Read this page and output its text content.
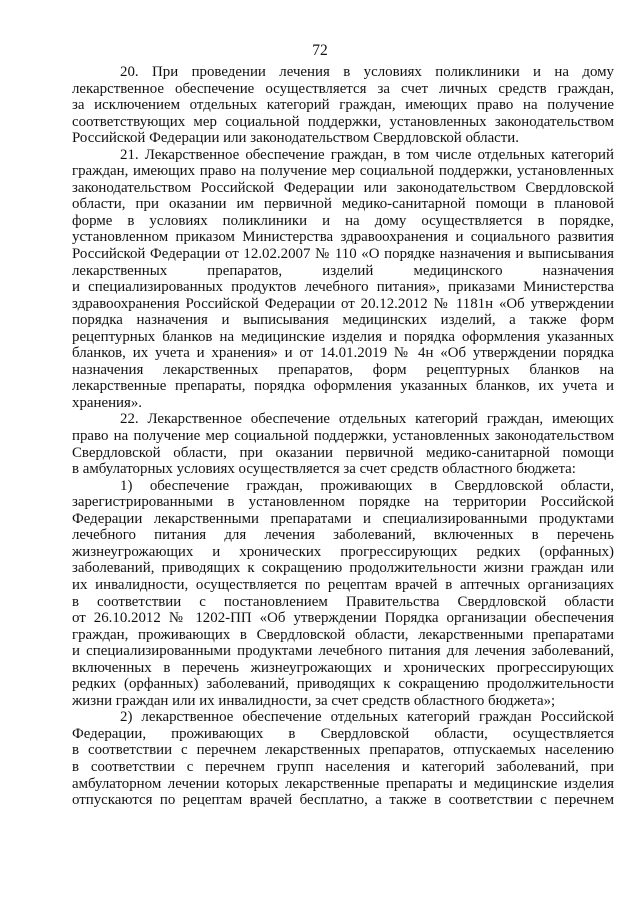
72
20. При проведении лечения в условиях поликлиники и на дому
лекарственное обеспечение осуществляется за счет личных средств граждан,
за исключением отдельных категорий граждан, имеющих право на получение
соответствующих мер социальной поддержки, установленных законодательством
Российской Федерации или законодательством Свердловской области.
21. Лекарственное обеспечение граждан, в том числе отдельных категорий
граждан, имеющих право на получение мер социальной поддержки, установленных
законодательством Российской Федерации или законодательством Свердловской
области, при оказании им первичной медико-санитарной помощи в плановой
форме в условиях поликлиники и на дому осуществляется в порядке,
установленном приказом Министерства здравоохранения и социального развития
Российской Федерации от 12.02.2007 № 110 «О порядке назначения и выписывания
лекарственных препаратов, изделий медицинского назначения
и специализированных продуктов лечебного питания», приказами Министерства
здравоохранения Российской Федерации от 20.12.2012 № 1181н «Об утверждении
порядка назначения и выписывания медицинских изделий, а также форм
рецептурных бланков на медицинские изделия и порядка оформления указанных
бланков, их учета и хранения» и от 14.01.2019 № 4н «Об утверждении порядка
назначения лекарственных препаратов, форм рецептурных бланков на
лекарственные препараты, порядка оформления указанных бланков, их учета и
хранения».
22. Лекарственное обеспечение отдельных категорий граждан, имеющих
право на получение мер социальной поддержки, установленных законодательством
Свердловской области, при оказании первичной медико-санитарной помощи
в амбулаторных условиях осуществляется за счет средств областного бюджета:
1) обеспечение граждан, проживающих в Свердловской области,
зарегистрированными в установленном порядке на территории Российской
Федерации лекарственными препаратами и специализированными продуктами
лечебного питания для лечения заболеваний, включенных в перечень
жизнеугрожающих и хронических прогрессирующих редких (орфанных)
заболеваний, приводящих к сокращению продолжительности жизни граждан или
их инвалидности, осуществляется по рецептам врачей в аптечных организациях
в соответствии с постановлением Правительства Свердловской области
от 26.10.2012 № 1202-ПП «Об утверждении Порядка организации обеспечения
граждан, проживающих в Свердловской области, лекарственными препаратами
и специализированными продуктами лечебного питания для лечения заболеваний,
включенных в перечень жизнеугрожающих и хронических прогрессирующих
редких (орфанных) заболеваний, приводящих к сокращению продолжительности
жизни граждан или их инвалидности, за счет средств областного бюджета»;
2) лекарственное обеспечение отдельных категорий граждан Российской
Федерации, проживающих в Свердловской области, осуществляется
в соответствии с перечнем лекарственных препаратов, отпускаемых населению
в соответствии с перечнем групп населения и категорий заболеваний, при
амбулаторном лечении которых лекарственные препараты и медицинские изделия
отпускаются по рецептам врачей бесплатно, а также в соответствии с перечнем
